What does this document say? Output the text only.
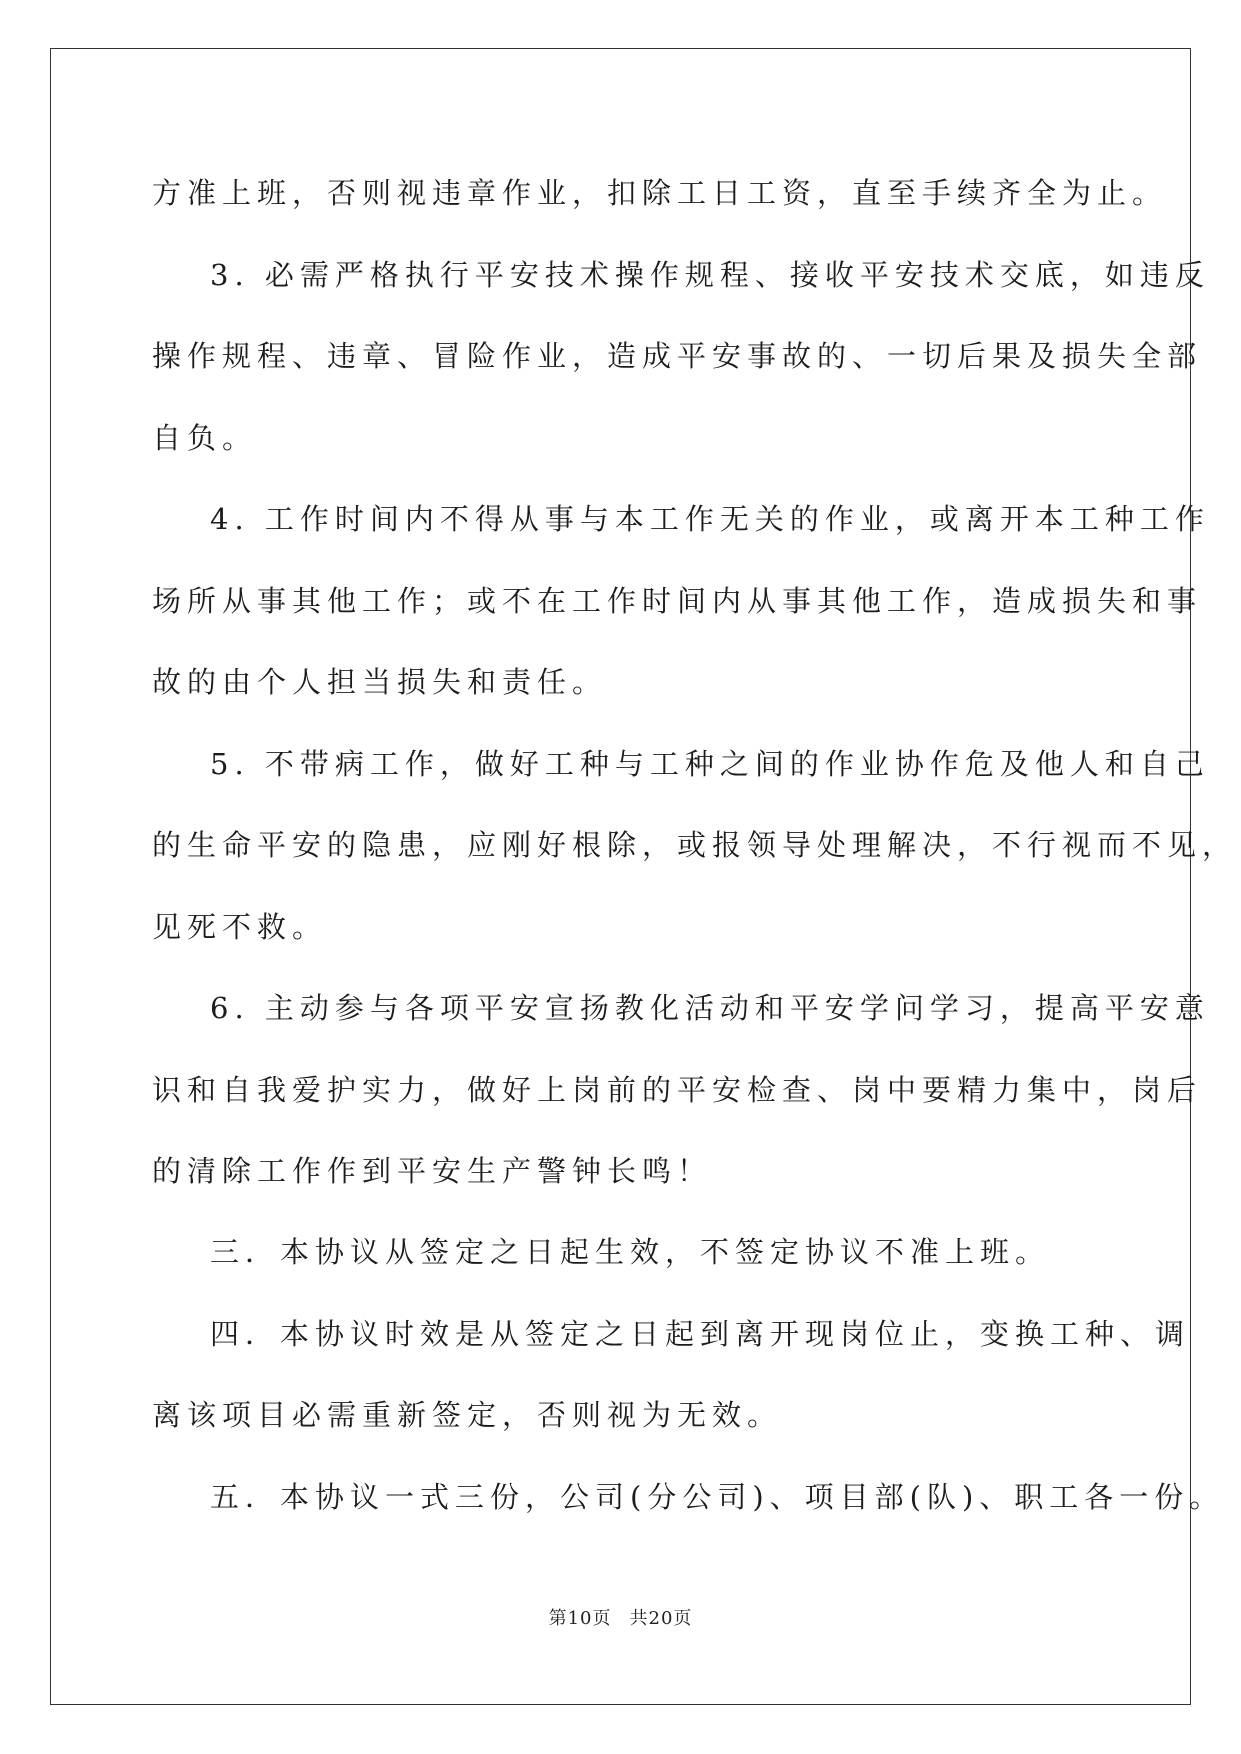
方准上班，否则视违章作业，扣除工日工资，直至手续齐全为止。
3. 必需严格执行平安技术操作规程、接收平安技术交底，如违反
操作规程、违章、冒险作业，造成平安事故的、一切后果及损失全部
自负。
4. 工作时间内不得从事与本工作无关的作业，或离开本工种工作
场所从事其他工作；或不在工作时间内从事其他工作，造成损失和事
故的由个人担当损失和责任。
5. 不带病工作，做好工种与工种之间的作业协作危及他人和自己
的生命平安的隐患，应刚好根除，或报领导处理解决，不行视而不见，
见死不救。
6. 主动参与各项平安宣扬教化活动和平安学问学习，提高平安意
识和自我爱护实力，做好上岗前的平安检查、岗中要精力集中，岗后
的清除工作作到平安生产警钟长鸣！
三．本协议从签定之日起生效，不签定协议不准上班。
四．本协议时效是从签定之日起到离开现岗位止，变换工种、调
离该项目必需重新签定，否则视为无效。
五．本协议一式三份，公司(分公司)、项目部(队)、职工各一份。
第10页 共20页
